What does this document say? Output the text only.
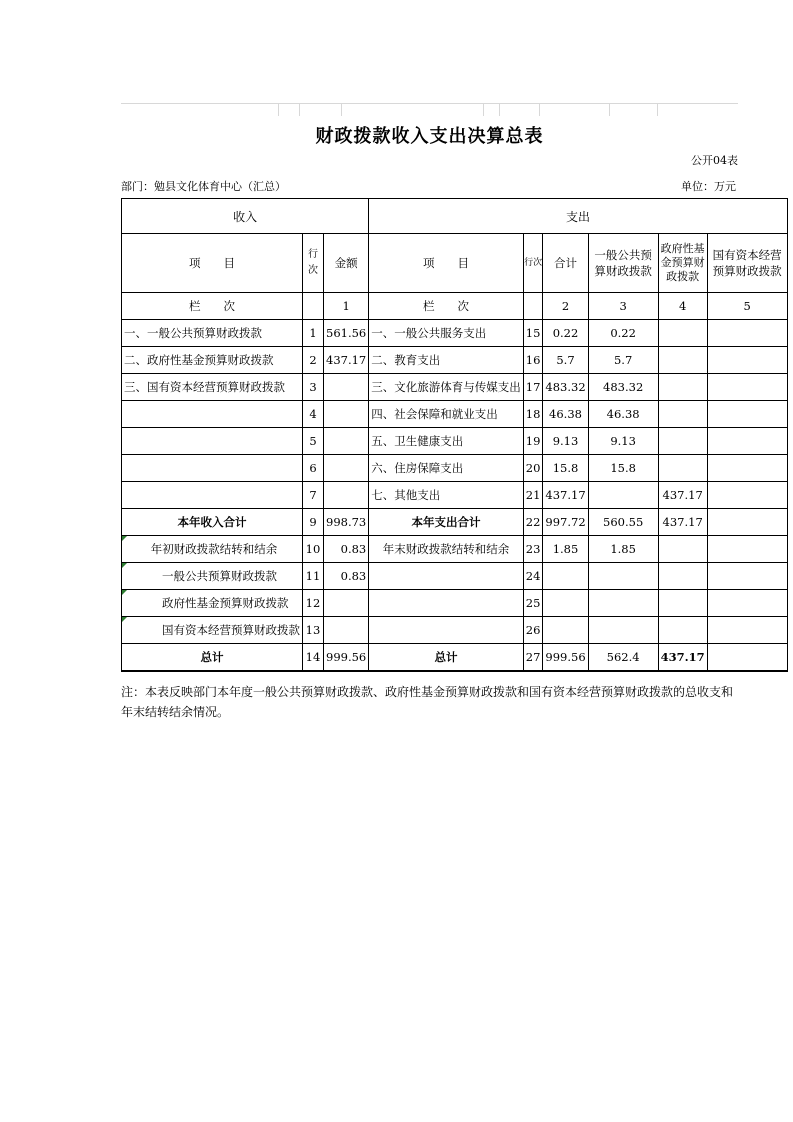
财政拨款收入支出决算总表
公开04表
部门：勉县文化体育中心（汇总）	单位：万元
收入			支出					
项　　目	行次	金额	项　　目	行次	合计	一般公共预算财政拨款	政府性基金预算财政拨款	国有资本经营预算财政拨款
栏　　次		1	栏　　次		2	3	4	5
一、一般公共预算财政拨款	1	561.56	一、一般公共服务支出	15	0.22	0.22		
二、政府性基金预算财政拨款	2	437.17	二、教育支出	16	5.7	5.7		
三、国有资本经营预算财政拨款	3		三、文化旅游体育与传媒支出	17	483.32	483.32		
	4		四、社会保障和就业支出	18	46.38	46.38		
	5		五、卫生健康支出	19	9.13	9.13		
	6		六、住房保障支出	20	15.8	15.8		
	7		七、其他支出	21	437.17		437.17	
本年收入合计	9	998.73	本年支出合计	22	997.72	560.55	437.17	
年初财政拨款结转和结余	10	0.83	年末财政拨款结转和结余	23	1.85	1.85		
一般公共预算财政拨款	11	0.83		24				
政府性基金预算财政拨款	12			25				
国有资本经营预算财政拨款	13			26				
总计	14	999.56	总计	27	999.56	562.4	437.17	
注：本表反映部门本年度一般公共预算财政拨款、政府性基金预算财政拨款和国有资本经营预算财政拨款的总收支和年末结转结余情况。
